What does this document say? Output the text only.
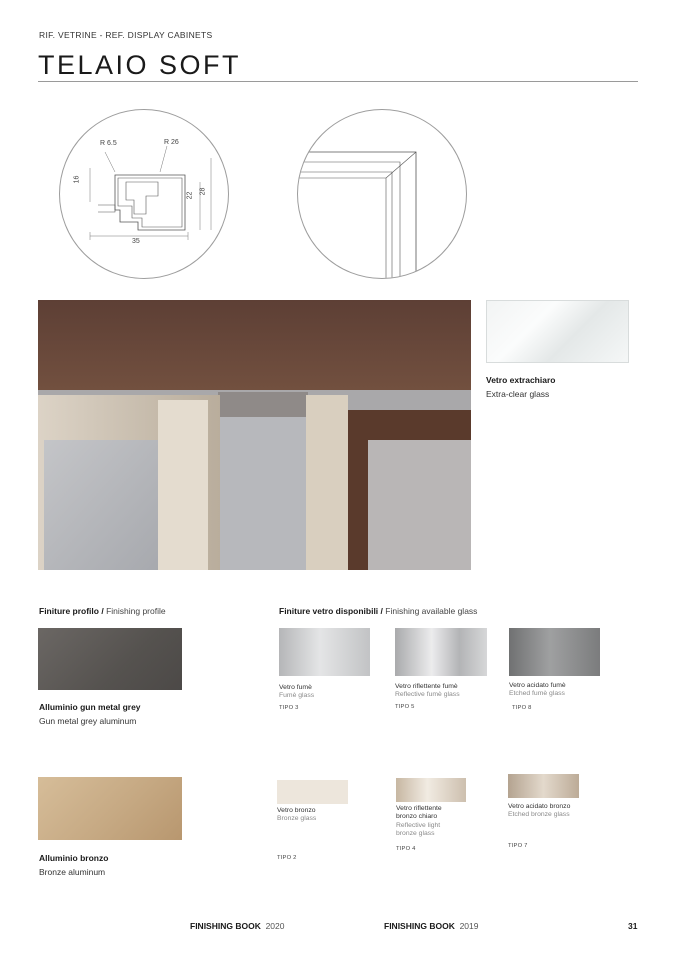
RIF. VETRINE - REF. DISPLAY CABINETS
TELAIO SOFT
R 6.5	R 26
16
22
28
35
Vetro extrachiaro
Extra-clear glass
Finiture profilo / Finishing profile	Finiture vetro disponibili / Finishing available glass
Alluminio gun metal grey
Gun metal grey aluminum
Alluminio bronzo
Bronze aluminum
Vetro fumè
Fumè glass
TIPO 3
Vetro riflettente fumè
Reflective fumè glass
TIPO 5
Vetro acidato fumè
Etched fumè glass
TIPO 8
Vetro bronzo
Bronze glass
TIPO 2
Vetro riflettente
bronzo chiaro
Reflective light
bronze glass
TIPO 4
Vetro acidato bronzo
Etched bronze glass
TIPO 7
FINISHING BOOK 2020	FINISHING BOOK 2019	31
